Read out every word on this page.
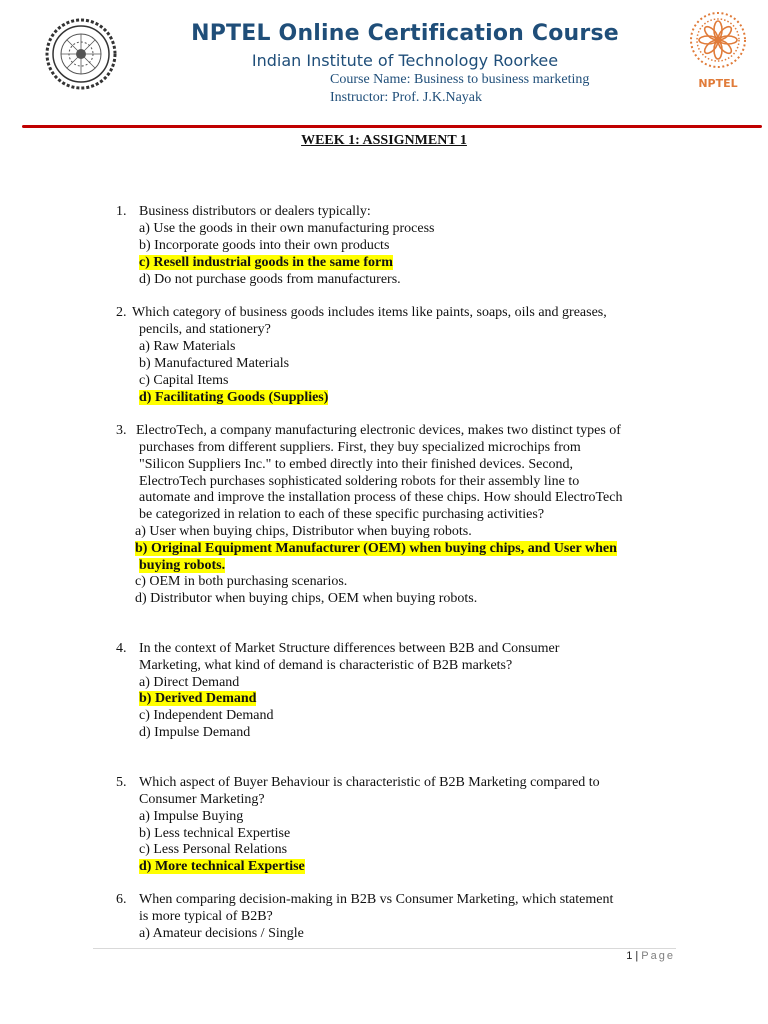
NPTEL Online Certification Course
Indian Institute of Technology Roorkee
Course Name: Business to business marketing
Instructor: Prof. J.K.Nayak
NPTEL
WEEK 1: ASSIGNMENT 1
1. Business distributors or dealers typically:
a) Use the goods in their own manufacturing process
b) Incorporate goods into their own products
c) Resell industrial goods in the same form
d) Do not purchase goods from manufacturers.
2. Which category of business goods includes items like paints, soaps, oils and greases,
pencils, and stationery?
a) Raw Materials
b) Manufactured Materials
c) Capital Items
d) Facilitating Goods (Supplies)
3. ElectroTech, a company manufacturing electronic devices, makes two distinct types of
purchases from different suppliers. First, they buy specialized microchips from
"Silicon Suppliers Inc." to embed directly into their finished devices. Second,
ElectroTech purchases sophisticated soldering robots for their assembly line to
automate and improve the installation process of these chips. How should ElectroTech
be categorized in relation to each of these specific purchasing activities?
a) User when buying chips, Distributor when buying robots.
b) Original Equipment Manufacturer (OEM) when buying chips, and User when
buying robots.
c) OEM in both purchasing scenarios.
d) Distributor when buying chips, OEM when buying robots.
4. In the context of Market Structure differences between B2B and Consumer
Marketing, what kind of demand is characteristic of B2B markets?
a) Direct Demand
b) Derived Demand
c) Independent Demand
d) Impulse Demand
5. Which aspect of Buyer Behaviour is characteristic of B2B Marketing compared to
Consumer Marketing?
a) Impulse Buying
b) Less technical Expertise
c) Less Personal Relations
d) More technical Expertise
6. When comparing decision-making in B2B vs Consumer Marketing, which statement
is more typical of B2B?
a) Amateur decisions / Single
1 | Page
